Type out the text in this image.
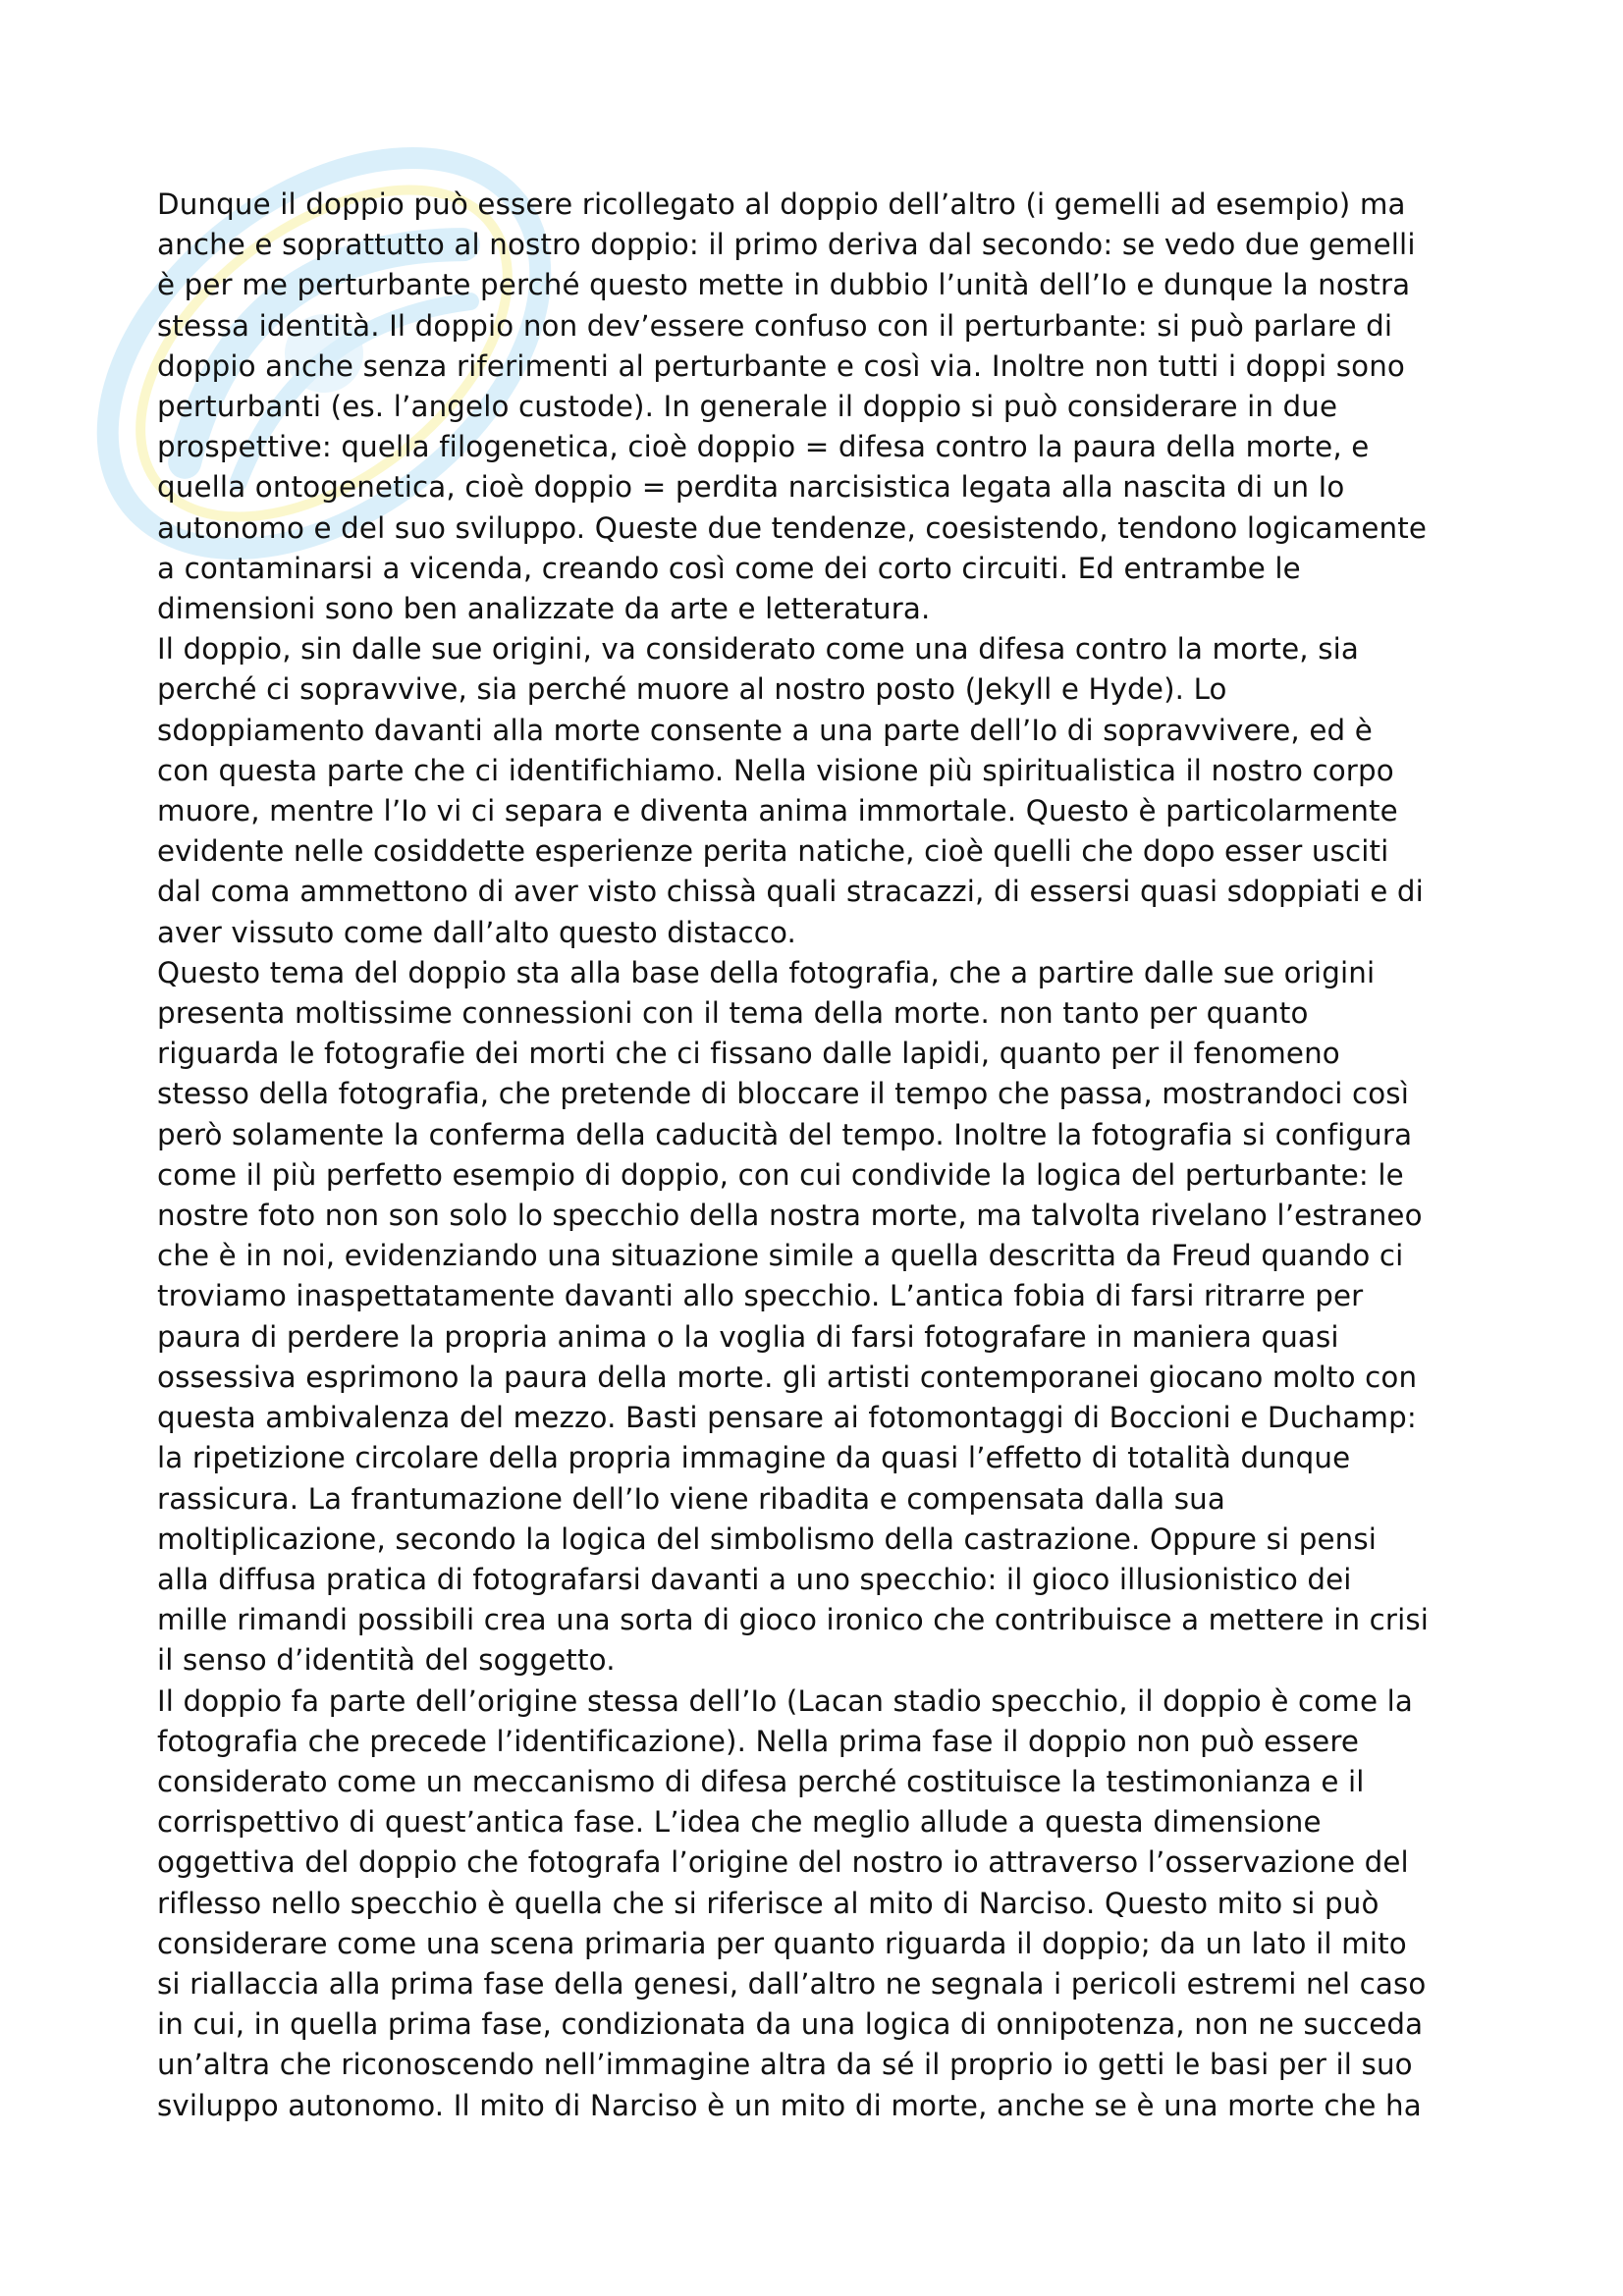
Dunque il doppio può essere ricollegato al doppio dell’altro (i gemelli ad esempio) ma
anche e soprattutto al nostro doppio: il primo deriva dal secondo: se vedo due gemelli
è per me perturbante perché questo mette in dubbio l’unità dell’Io e dunque la nostra
stessa identità. Il doppio non dev’essere confuso con il perturbante: si può parlare di
doppio anche senza riferimenti al perturbante e così via. Inoltre non tutti i doppi sono
perturbanti (es. l’angelo custode). In generale il doppio si può considerare in due
prospettive: quella filogenetica, cioè doppio = difesa contro la paura della morte, e
quella ontogenetica, cioè doppio = perdita narcisistica legata alla nascita di un Io
autonomo e del suo sviluppo. Queste due tendenze, coesistendo, tendono logicamente
a contaminarsi a vicenda, creando così come dei corto circuiti. Ed entrambe le
dimensioni sono ben analizzate da arte e letteratura.

Il doppio, sin dalle sue origini, va considerato come una difesa contro la morte, sia
perché ci sopravvive, sia perché muore al nostro posto (Jekyll e Hyde). Lo
sdoppiamento davanti alla morte consente a una parte dell’Io di sopravvivere, ed è
con questa parte che ci identifichiamo. Nella visione più spiritualistica il nostro corpo
muore, mentre l’Io vi ci separa e diventa anima immortale. Questo è particolarmente
evidente nelle cosiddette esperienze perita natiche, cioè quelli che dopo esser usciti
dal coma ammettono di aver visto chissà quali stracazzi, di essersi quasi sdoppiati e di
aver vissuto come dall’alto questo distacco.

Questo tema del doppio sta alla base della fotografia, che a partire dalle sue origini
presenta moltissime connessioni con il tema della morte. non tanto per quanto
riguarda le fotografie dei morti che ci fissano dalle lapidi, quanto per il fenomeno
stesso della fotografia, che pretende di bloccare il tempo che passa, mostrandoci così
però solamente la conferma della caducità del tempo. Inoltre la fotografia si configura
come il più perfetto esempio di doppio, con cui condivide la logica del perturbante: le
nostre foto non son solo lo specchio della nostra morte, ma talvolta rivelano l’estraneo
che è in noi, evidenziando una situazione simile a quella descritta da Freud quando ci
troviamo inaspettatamente davanti allo specchio. L’antica fobia di farsi ritrarre per
paura di perdere la propria anima o la voglia di farsi fotografare in maniera quasi
ossessiva esprimono la paura della morte. gli artisti contemporanei giocano molto con
questa ambivalenza del mezzo. Basti pensare ai fotomontaggi di Boccioni e Duchamp:
la ripetizione circolare della propria immagine da quasi l’effetto di totalità dunque
rassicura. La frantumazione dell’Io viene ribadita e compensata dalla sua
moltiplicazione, secondo la logica del simbolismo della castrazione. Oppure si pensi
alla diffusa pratica di fotografarsi davanti a uno specchio: il gioco illusionistico dei
mille rimandi possibili crea una sorta di gioco ironico che contribuisce a mettere in crisi
il senso d’identità del soggetto.

Il doppio fa parte dell’origine stessa dell’Io (Lacan stadio specchio, il doppio è come la
fotografia che precede l’identificazione). Nella prima fase il doppio non può essere
considerato come un meccanismo di difesa perché costituisce la testimonianza e il
corrispettivo di quest’antica fase. L’idea che meglio allude a questa dimensione
oggettiva del doppio che fotografa l’origine del nostro io attraverso l’osservazione del
riflesso nello specchio è quella che si riferisce al mito di Narciso. Questo mito si può
considerare come una scena primaria per quanto riguarda il doppio; da un lato il mito
si riallaccia alla prima fase della genesi, dall’altro ne segnala i pericoli estremi nel caso
in cui, in quella prima fase, condizionata da una logica di onnipotenza, non ne succeda
un’altra che riconoscendo nell’immagine altra da sé il proprio io getti le basi per il suo
sviluppo autonomo. Il mito di Narciso è un mito di morte, anche se è una morte che ha
